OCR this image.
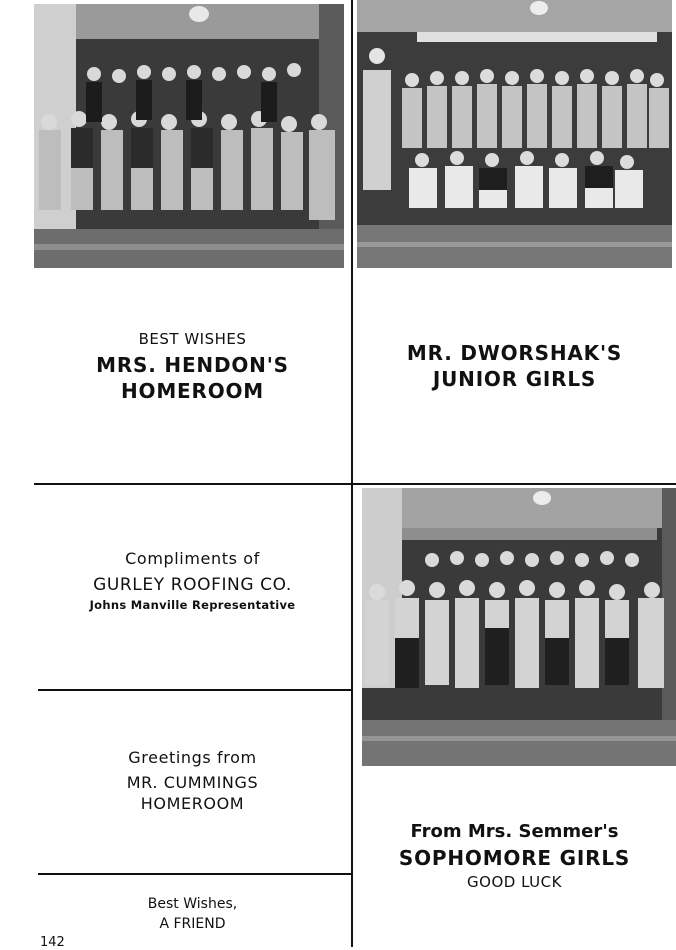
BEST WISHES
MRS. HENDON'S
HOMEROOM
MR. DWORSHAK'S
JUNIOR GIRLS
Compliments of
GURLEY ROOFING CO.
Johns Manville Representative
Greetings from
MR. CUMMINGS
HOMEROOM
Best Wishes,
A FRIEND
From Mrs. Semmer's
SOPHOMORE GIRLS
GOOD LUCK
142
